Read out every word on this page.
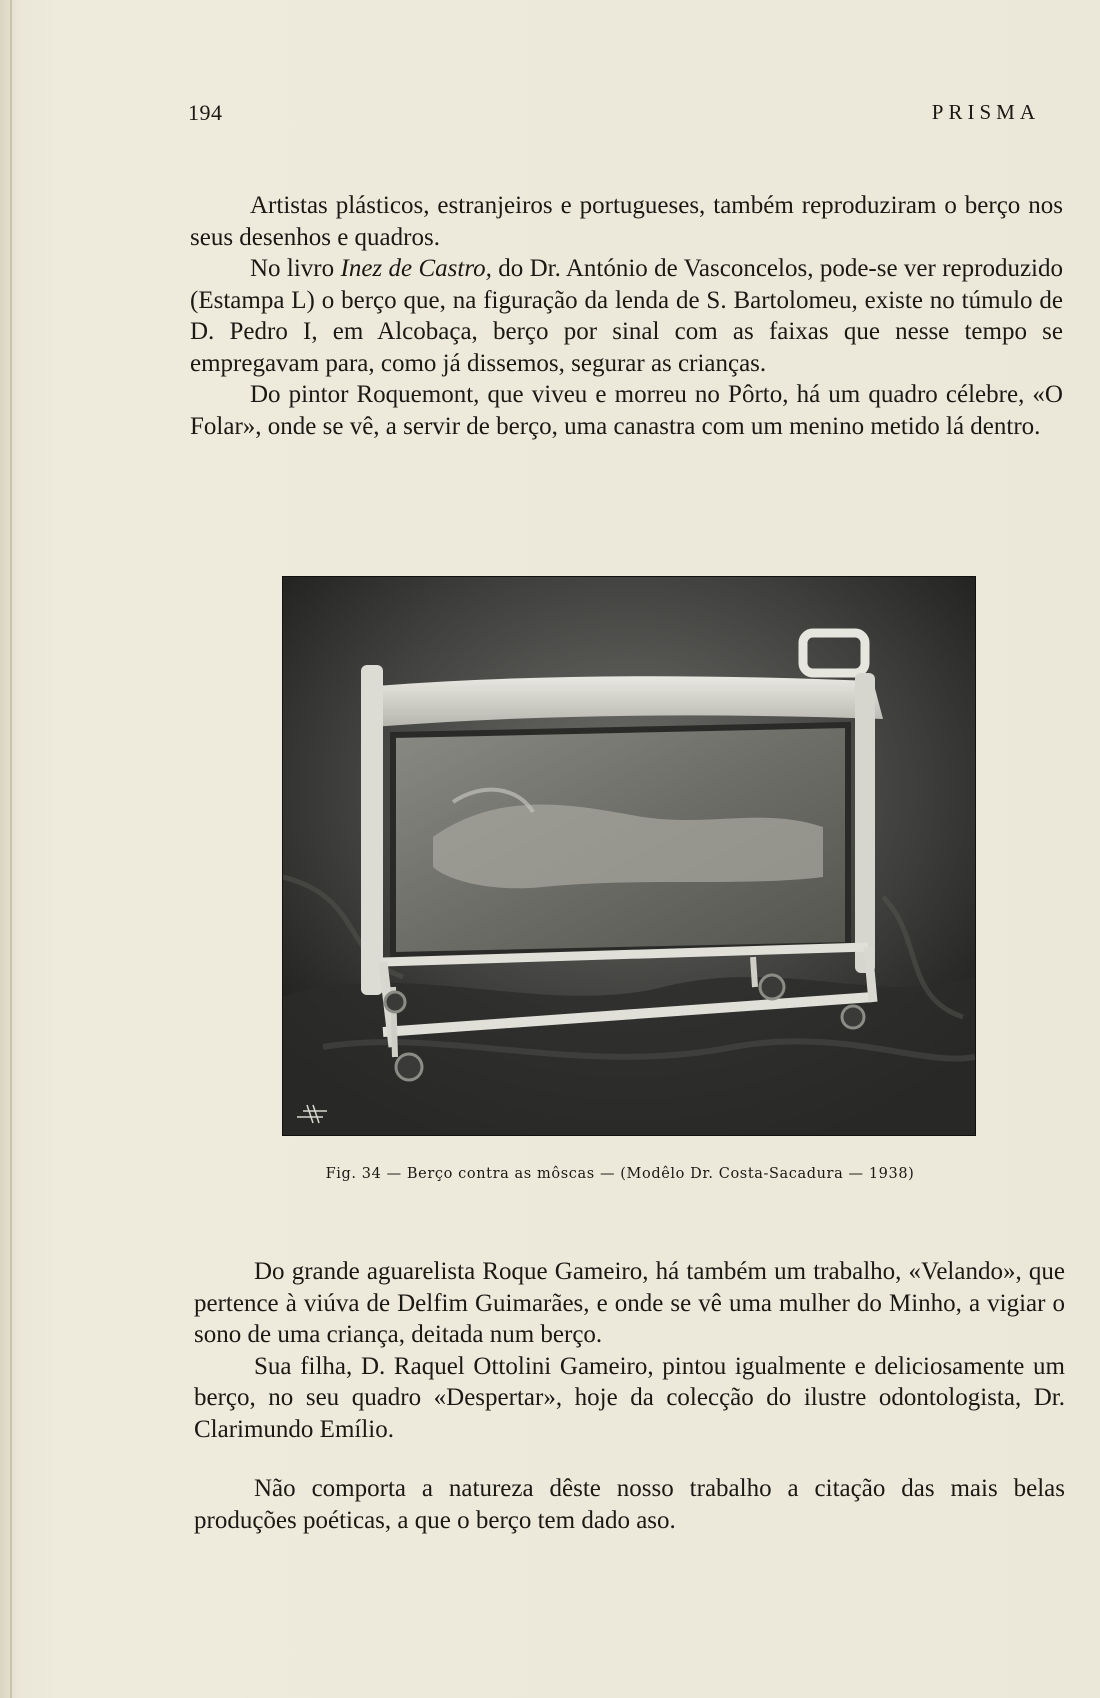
194	PRISMA

Artistas plásticos, estranjeiros e portugueses, também reproduziram o berço nos seus desenhos e quadros.

No livro Inez de Castro, do Dr. António de Vasconcelos, pode-se ver reproduzido (Estampa L) o berço que, na figuração da lenda de S. Bartolomeu, existe no túmulo de D. Pedro I, em Alcobaça, berço por sinal com as faixas que nesse tempo se empregavam para, como já dissemos, segurar as crianças.

Do pintor Roquemont, que viveu e morreu no Pôrto, há um quadro célebre, «O Folar», onde se vê, a servir de berço, uma canastra com um menino metido lá dentro.

Fig. 34 — Berço contra as môscas — (Modêlo Dr. Costa-Sacadura — 1938)

Do grande aguarelista Roque Gameiro, há também um trabalho, «Velando», que pertence à viúva de Delfim Guimarães, e onde se vê uma mulher do Minho, a vigiar o sono de uma criança, deitada num berço.

Sua filha, D. Raquel Ottolini Gameiro, pintou igualmente e deliciosamente um berço, no seu quadro «Despertar», hoje da colecção do ilustre odontologista, Dr. Clarimundo Emílio.

Não comporta a natureza dêste nosso trabalho a citação das mais belas produções poéticas, a que o berço tem dado aso.
